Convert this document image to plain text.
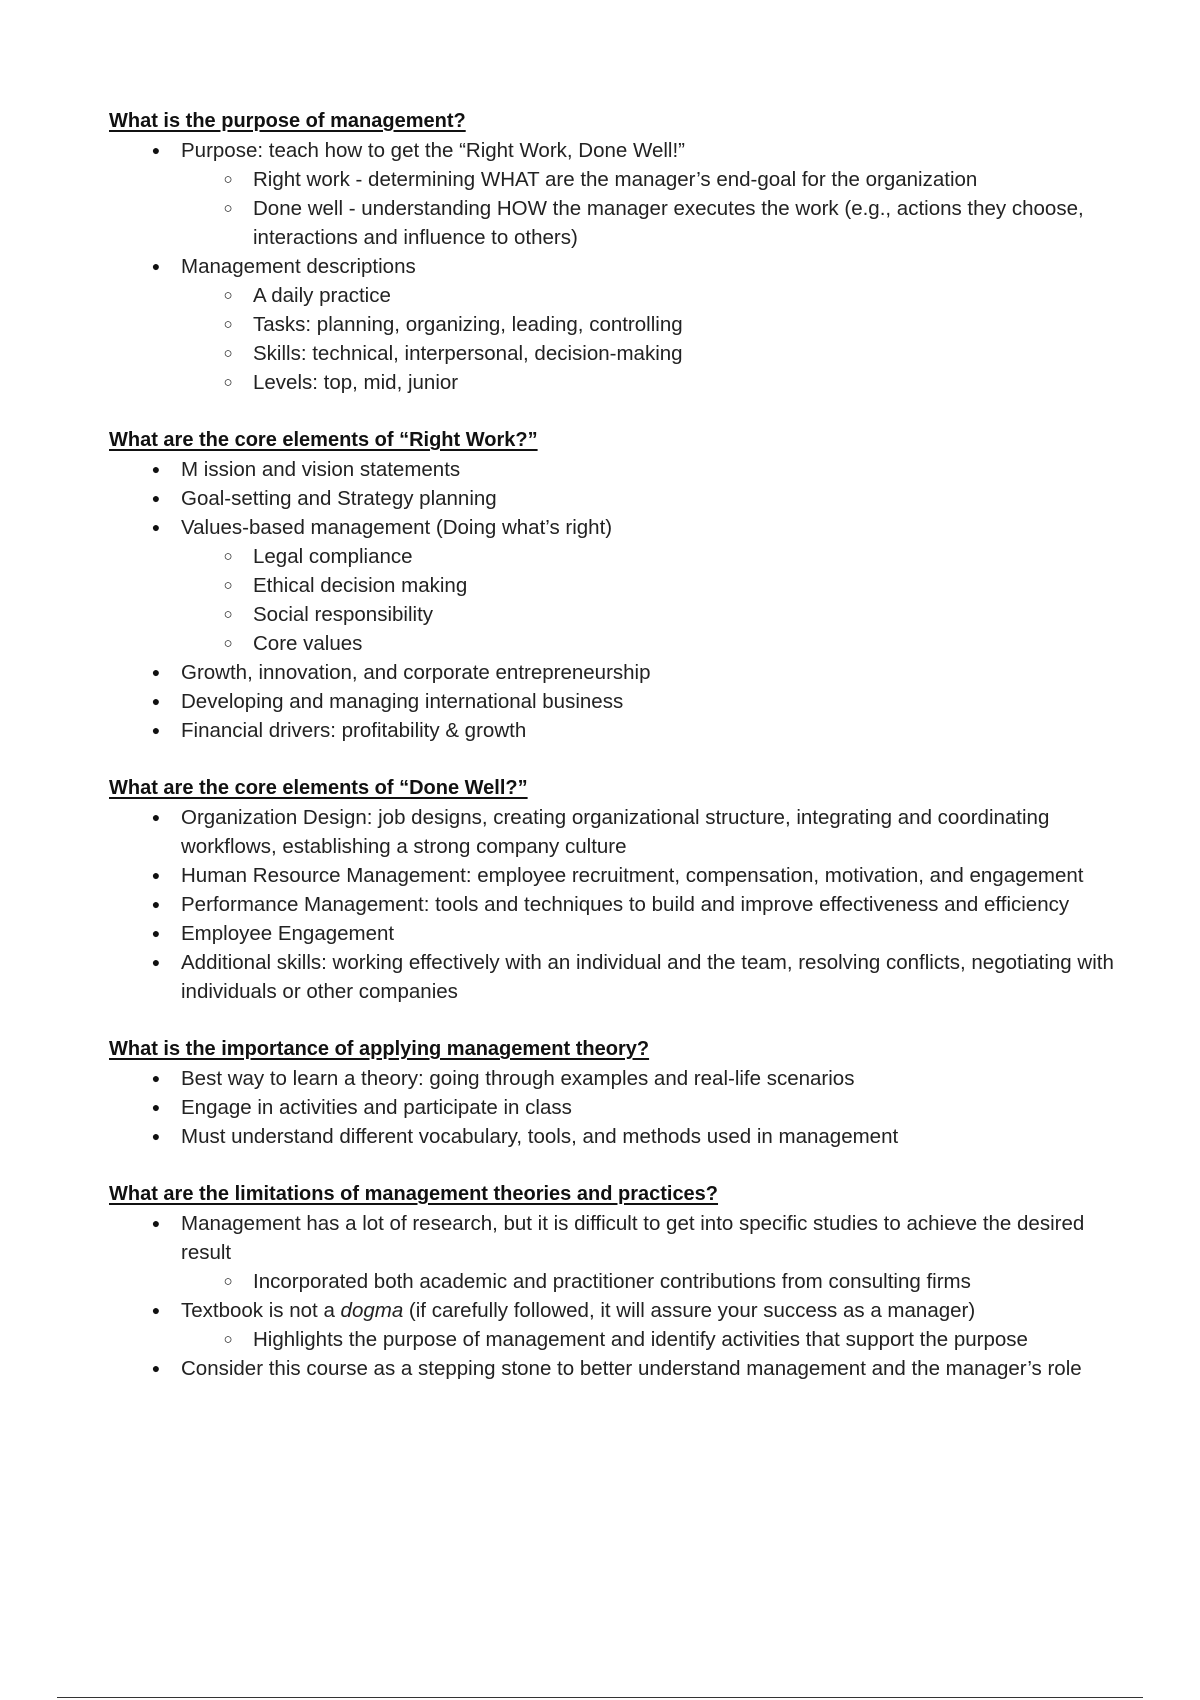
What is the purpose of management?
● Purpose: teach how to get the “Right Work, Done Well!”
○ Right work - determining WHAT are the manager’s end-goal for the organization
○ Done well - understanding HOW the manager executes the work (e.g., actions they choose, interactions and influence to others)
● Management descriptions
○ A daily practice
○ Tasks: planning, organizing, leading, controlling
○ Skills: technical, interpersonal, decision-making
○ Levels: top, mid, junior
What are the core elements of “Right Work?”
● M ission and vision statements
● Goal-setting and Strategy planning
● Values-based management (Doing what’s right)
○ Legal compliance
○ Ethical decision making
○ Social responsibility
○ Core values
● Growth, innovation, and corporate entrepreneurship
● Developing and managing international business
● Financial drivers: profitability & growth
What are the core elements of “Done Well?”
● Organization Design: job designs, creating organizational structure, integrating and coordinating workflows, establishing a strong company culture
● Human Resource Management: employee recruitment, compensation, motivation, and engagement
● Performance Management: tools and techniques to build and improve effectiveness and efficiency
● Employee Engagement
● Additional skills: working effectively with an individual and the team, resolving conflicts, negotiating with individuals or other companies
What is the importance of applying management theory?
● Best way to learn a theory: going through examples and real-life scenarios
● Engage in activities and participate in class
● Must understand different vocabulary, tools, and methods used in management
What are the limitations of management theories and practices?
● Management has a lot of research, but it is difficult to get into specific studies to achieve the desired result
○ Incorporated both academic and practitioner contributions from consulting firms
● Textbook is not a dogma (if carefully followed, it will assure your success as a manager)
○ Highlights the purpose of management and identify activities that support the purpose
● Consider this course as a stepping stone to better understand management and the manager’s role
